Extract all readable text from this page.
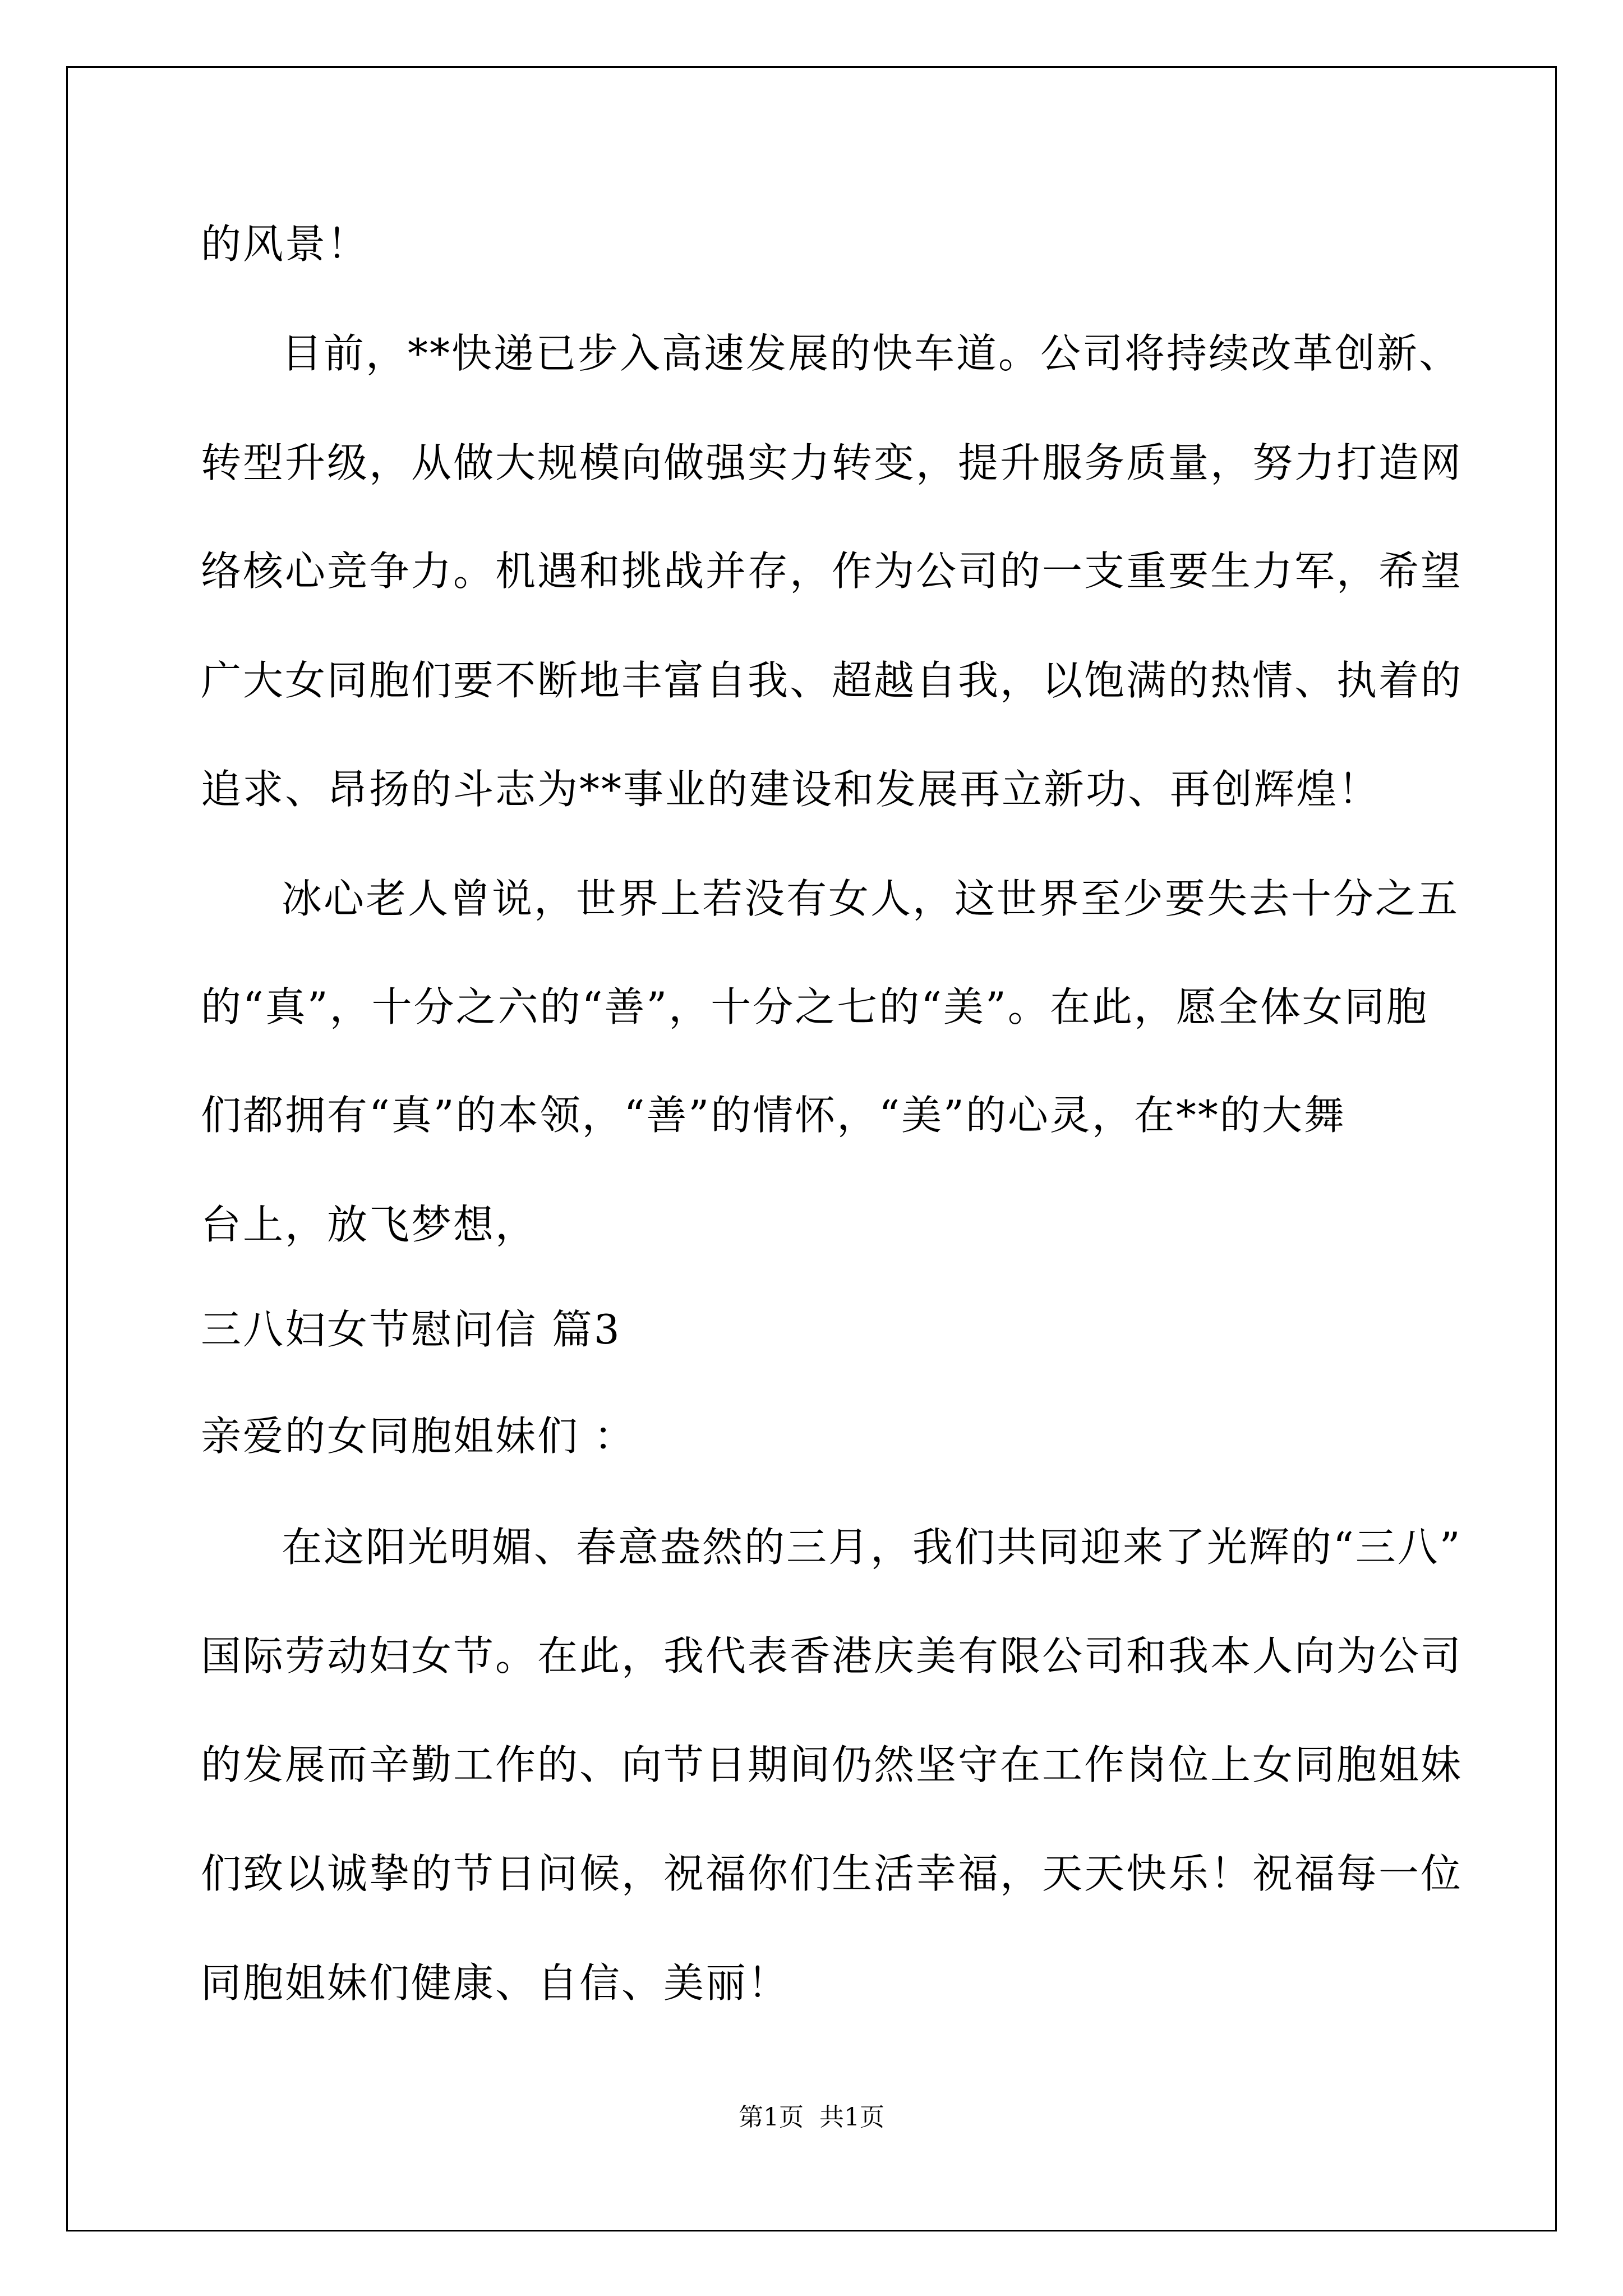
的风景！

目前，**快递已步入高速发展的快车道。公司将持续改革创新、

转型升级，从做大规模向做强实力转变，提升服务质量，努力打造网

络核心竞争力。机遇和挑战并存，作为公司的一支重要生力军，希望

广大女同胞们要不断地丰富自我、超越自我，以饱满的热情、执着的

追求、昂扬的斗志为**事业的建设和发展再立新功、再创辉煌！

冰心老人曾说，世界上若没有女人，这世界至少要失去十分之五

的“真”，十分之六的“善”，十分之七的“美”。在此，愿全体女同胞

们都拥有“真”的本领，“善”的情怀，“美”的心灵，在**的大舞

台上，放飞梦想，

三八妇女节慰问信 篇3

亲爱的女同胞姐妹们 ：

在这阳光明媚、春意盎然的三月，我们共同迎来了光辉的“三八”

国际劳动妇女节。在此，我代表香港庆美有限公司和我本人向为公司

的发展而辛勤工作的、向节日期间仍然坚守在工作岗位上女同胞姐妹

们致以诚挚的节日问候，祝福你们生活幸福，天天快乐！祝福每一位

同胞姐妹们健康、自信、美丽！

第1页  共1页
